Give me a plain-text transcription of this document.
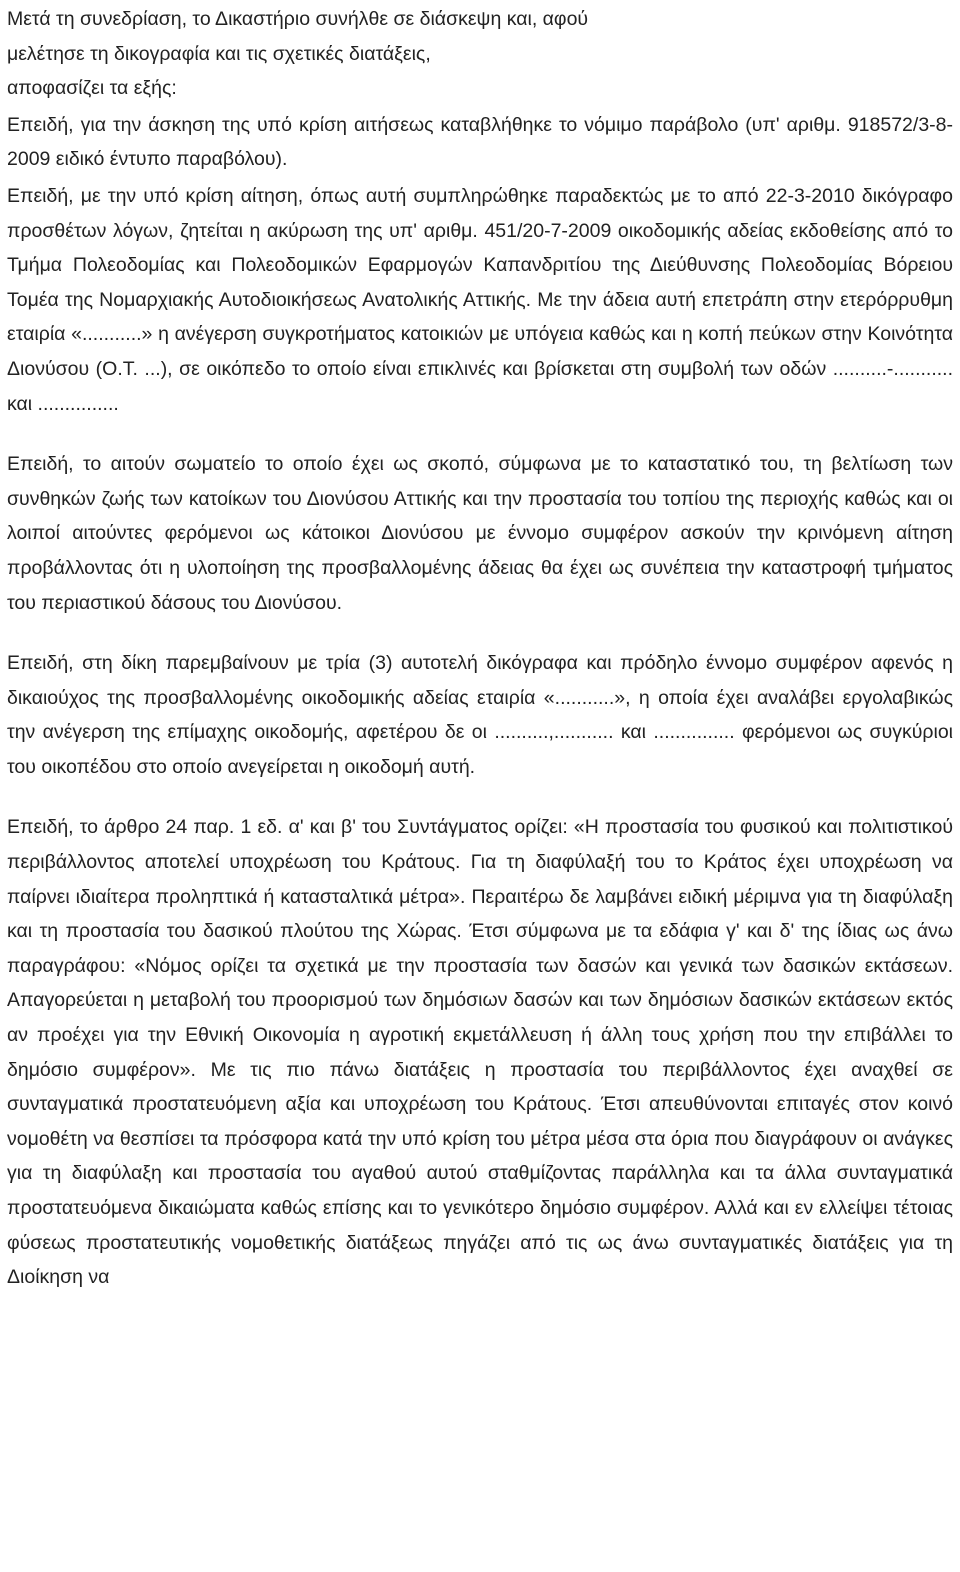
Μετά τη συνεδρίαση, το Δικαστήριο συνήλθε σε διάσκεψη και, αφού
μελέτησε τη δικογραφία και τις σχετικές διατάξεις,
αποφασίζει τα εξής:

Επειδή, για την άσκηση της υπό κρίση αιτήσεως καταβλήθηκε το νόμιμο παράβολο (υπ' αριθμ. 918572/3-8-2009 ειδικό έντυπο παραβόλου).

Επειδή, με την υπό κρίση αίτηση, όπως αυτή συμπληρώθηκε παραδεκτώς με το από 22-3-2010 δικόγραφο προσθέτων λόγων, ζητείται η ακύρωση της υπ' αριθμ. 451/20-7-2009 οικοδομικής αδείας εκδοθείσης από το Τμήμα Πολεοδομίας και Πολεοδομικών Εφαρμογών Καπανδριτίου της Διεύθυνσης Πολεοδομίας Βόρειου Τομέα της Νομαρχιακής Αυτοδιοικήσεως Ανατολικής Αττικής. Με την άδεια αυτή επετράπη στην ετερόρρυθμη εταιρία «...........» η ανέγερση συγκροτήματος κατοικιών με υπόγεια καθώς και η κοπή πεύκων στην Κοινότητα Διονύσου (Ο.Τ. ...), σε οικόπεδο το οποίο είναι επικλινές και βρίσκεται στη συμβολή των οδών ..........-........... και ...............

Επειδή, το αιτούν σωματείο το οποίο έχει ως σκοπό, σύμφωνα με το καταστατικό του, τη βελτίωση των συνθηκών ζωής των κατοίκων του Διονύσου Αττικής και την προστασία του τοπίου της περιοχής καθώς και οι λοιποί αιτούντες φερόμενοι ως κάτοικοι Διονύσου με έννομο συμφέρον ασκούν την κρινόμενη αίτηση προβάλλοντας ότι η υλοποίηση της προσβαλλομένης άδειας θα έχει ως συνέπεια την καταστροφή τμήματος του περιαστικού δάσους του Διονύσου.

Επειδή, στη δίκη παρεμβαίνουν με τρία (3) αυτοτελή δικόγραφα και πρόδηλο έννομο συμφέρον αφενός η δικαιούχος της προσβαλλομένης οικοδομικής αδείας εταιρία «...........», η οποία έχει αναλάβει εργολαβικώς την ανέγερση της επίμαχης οικοδομής, αφετέρου δε οι ..........,........... και ............... φερόμενοι ως συγκύριοι του οικοπέδου στο οποίο ανεγείρεται η οικοδομή αυτή.

Επειδή, το άρθρο 24 παρ. 1 εδ. α' και β' του Συντάγματος ορίζει: «Η προστασία του φυσικού και πολιτιστικού περιβάλλοντος αποτελεί υποχρέωση του Κράτους. Για τη διαφύλαξή του το Κράτος έχει υποχρέωση να παίρνει ιδιαίτερα προληπτικά ή κατασταλτικά μέτρα». Περαιτέρω δε λαμβάνει ειδική μέριμνα για τη διαφύλαξη και τη προστασία του δασικού πλούτου της Χώρας. Έτσι σύμφωνα με τα εδάφια γ' και δ' της ίδιας ως άνω παραγράφου: «Νόμος ορίζει τα σχετικά με την προστασία των δασών και γενικά των δασικών εκτάσεων. Απαγορεύεται η μεταβολή του προορισμού των δημόσιων δασών και των δημόσιων δασικών εκτάσεων εκτός αν προέχει για την Εθνική Οικονομία η αγροτική εκμετάλλευση ή άλλη τους χρήση που την επιβάλλει το δημόσιο συμφέρον». Με τις πιο πάνω διατάξεις η προστασία του περιβάλλοντος έχει αναχθεί σε συνταγματικά προστατευόμενη αξία και υποχρέωση του Κράτους. Έτσι απευθύνονται επιταγές στον κοινό νομοθέτη να θεσπίσει τα πρόσφορα κατά την υπό κρίση του μέτρα μέσα στα όρια που διαγράφουν οι ανάγκες για τη διαφύλαξη και προστασία του αγαθού αυτού σταθμίζοντας παράλληλα και τα άλλα συνταγματικά προστατευόμενα δικαιώματα καθώς επίσης και το γενικότερο δημόσιο συμφέρον. Αλλά και εν ελλείψει τέτοιας φύσεως προστατευτικής νομοθετικής διατάξεως πηγάζει από τις ως άνω συνταγματικές διατάξεις για τη Διοίκηση να
